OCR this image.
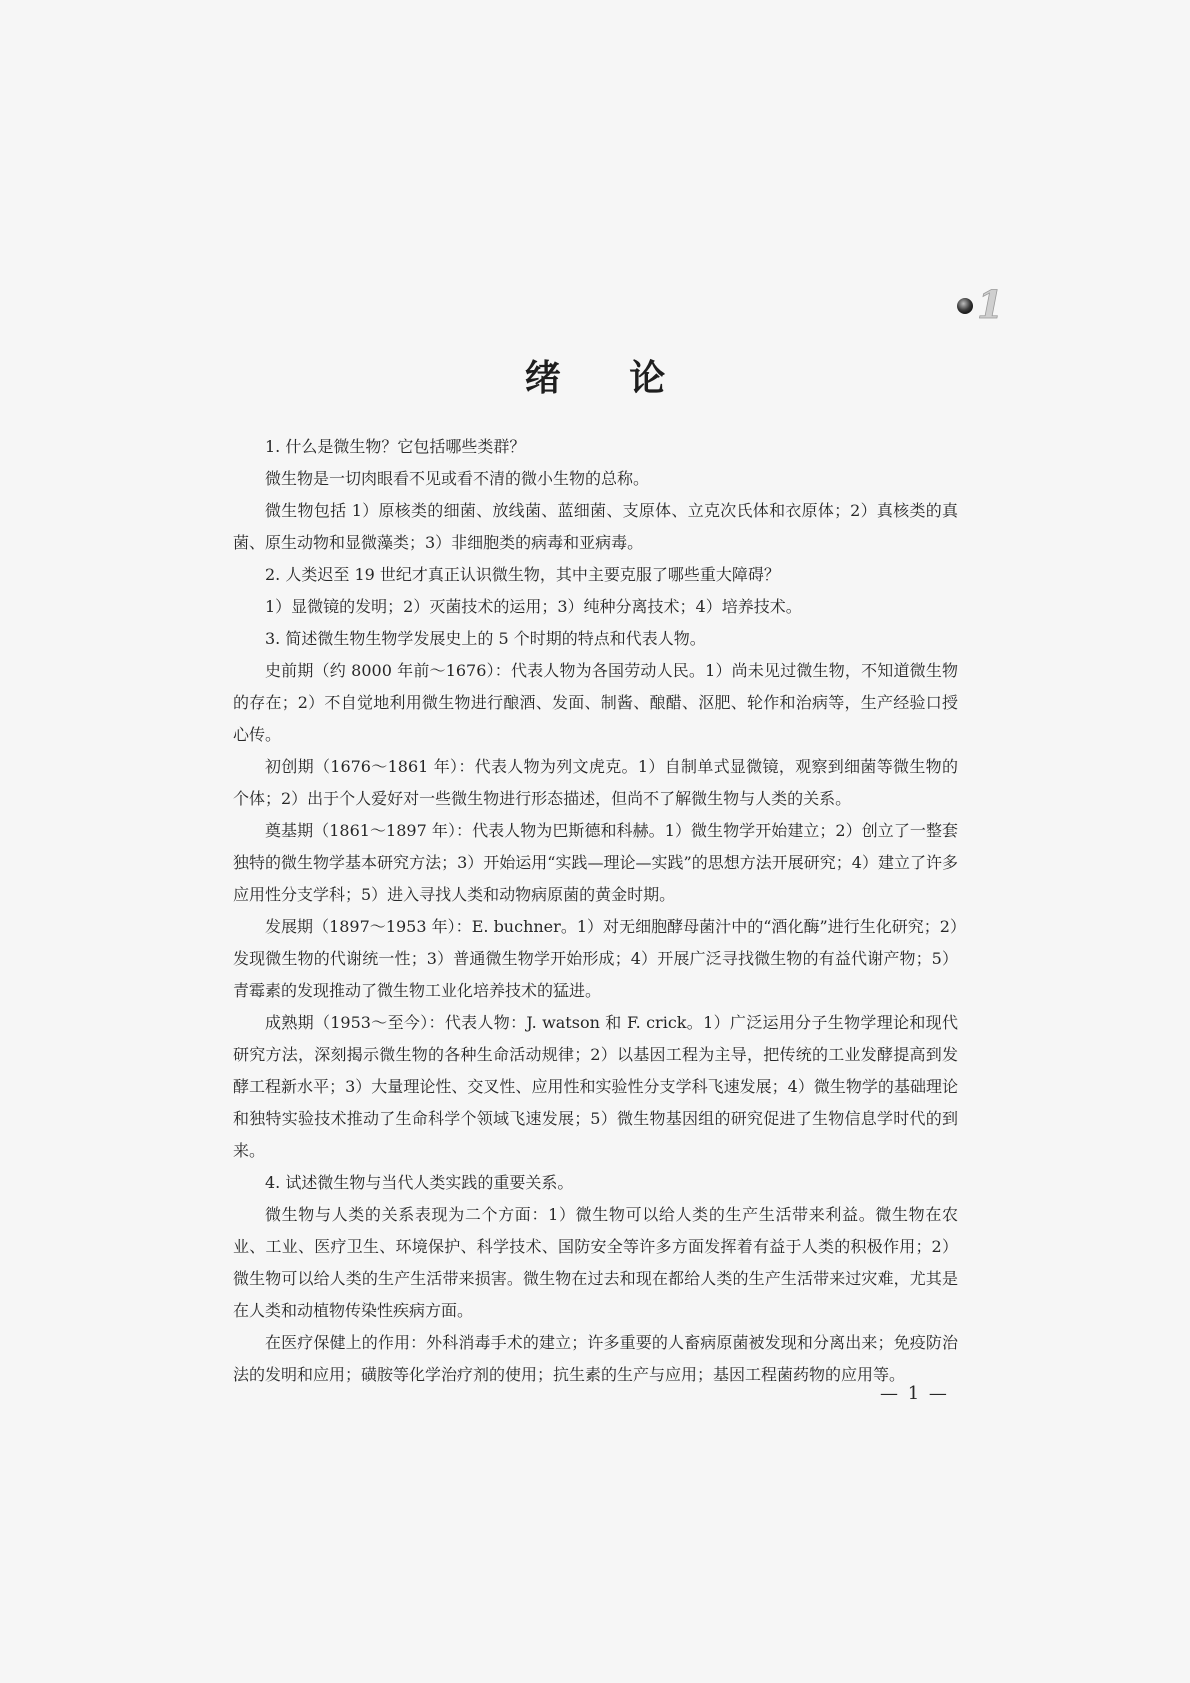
1
绪 论

1. 什么是微生物？它包括哪些类群？

微生物是一切肉眼看不见或看不清的微小生物的总称。

微生物包括 1）原核类的细菌、放线菌、蓝细菌、支原体、立克次氏体和衣原体；2）真核类的真菌、原生动物和显微藻类；3）非细胞类的病毒和亚病毒。

2. 人类迟至 19 世纪才真正认识微生物，其中主要克服了哪些重大障碍？

1）显微镜的发明；2）灭菌技术的运用；3）纯种分离技术；4）培养技术。

3. 简述微生物生物学发展史上的 5 个时期的特点和代表人物。

史前期（约 8000 年前～1676）：代表人物为各国劳动人民。1）尚未见过微生物，不知道微生物的存在；2）不自觉地利用微生物进行酿酒、发面、制酱、酿醋、沤肥、轮作和治病等，生产经验口授心传。

初创期（1676～1861 年）：代表人物为列文虎克。1）自制单式显微镜，观察到细菌等微生物的个体；2）出于个人爱好对一些微生物进行形态描述，但尚不了解微生物与人类的关系。

奠基期（1861～1897 年）：代表人物为巴斯德和科赫。1）微生物学开始建立；2）创立了一整套独特的微生物学基本研究方法；3）开始运用“实践—理论—实践”的思想方法开展研究；4）建立了许多应用性分支学科；5）进入寻找人类和动物病原菌的黄金时期。

发展期（1897～1953 年）：E. buchner。1）对无细胞酵母菌汁中的“酒化酶”进行生化研究；2）发现微生物的代谢统一性；3）普通微生物学开始形成；4）开展广泛寻找微生物的有益代谢产物；5）青霉素的发现推动了微生物工业化培养技术的猛进。

成熟期（1953～至今）：代表人物：J. watson 和 F. crick。1）广泛运用分子生物学理论和现代研究方法，深刻揭示微生物的各种生命活动规律；2）以基因工程为主导，把传统的工业发酵提高到发酵工程新水平；3）大量理论性、交叉性、应用性和实验性分支学科飞速发展；4）微生物学的基础理论和独特实验技术推动了生命科学个领域飞速发展；5）微生物基因组的研究促进了生物信息学时代的到来。

4. 试述微生物与当代人类实践的重要关系。

微生物与人类的关系表现为二个方面：1）微生物可以给人类的生产生活带来利益。微生物在农业、工业、医疗卫生、环境保护、科学技术、国防安全等许多方面发挥着有益于人类的积极作用；2）微生物可以给人类的生产生活带来损害。微生物在过去和现在都给人类的生产生活带来过灾难，尤其是在人类和动植物传染性疾病方面。

在医疗保健上的作用：外科消毒手术的建立；许多重要的人畜病原菌被发现和分离出来；免疫防治法的发明和应用；磺胺等化学治疗剂的使用；抗生素的生产与应用；基因工程菌药物的应用等。

— 1 —
